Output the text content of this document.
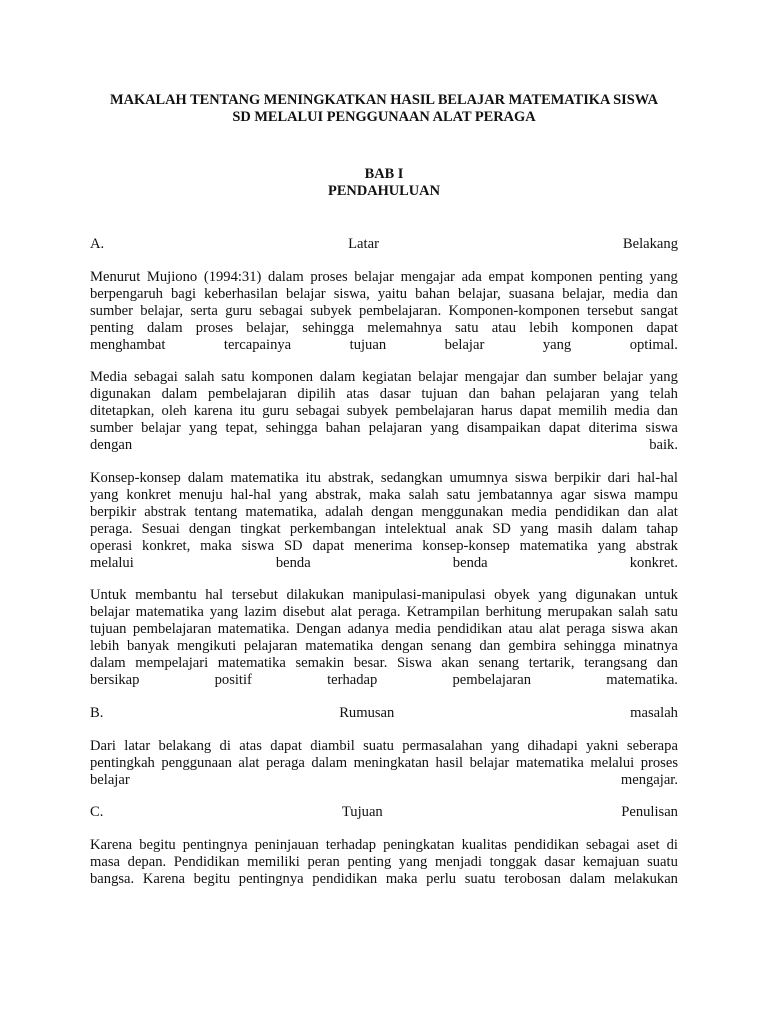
MAKALAH TENTANG MENINGKATKAN HASIL BELAJAR MATEMATIKA SISWA
SD MELALUI PENGGUNAAN ALAT PERAGA
BAB I
PENDAHULUAN
A.	Latar	Belakang
Menurut Mujiono (1994:31) dalam proses belajar mengajar ada empat komponen penting yang
berpengaruh bagi keberhasilan belajar siswa, yaitu bahan belajar, suasana belajar, media dan
sumber belajar, serta guru sebagai subyek pembelajaran. Komponen-komponen tersebut sangat
penting dalam proses belajar, sehingga melemahnya satu atau lebih komponen dapat
menghambat	tercapainya	tujuan	belajar	yang	optimal.
Media sebagai salah satu komponen dalam kegiatan belajar mengajar dan sumber belajar yang
digunakan dalam pembelajaran dipilih atas dasar tujuan dan bahan pelajaran yang telah
ditetapkan, oleh karena itu guru sebagai subyek pembelajaran harus dapat memilih media dan
sumber belajar yang tepat, sehingga bahan pelajaran yang disampaikan dapat diterima siswa
dengan	baik.
Konsep-konsep dalam matematika itu abstrak, sedangkan umumnya siswa berpikir dari hal-hal
yang konkret menuju hal-hal yang abstrak, maka salah satu jembatannya agar siswa mampu
berpikir abstrak tentang matematika, adalah dengan menggunakan media pendidikan dan alat
peraga. Sesuai dengan tingkat perkembangan intelektual anak SD yang masih dalam tahap
operasi konkret, maka siswa SD dapat menerima konsep-konsep matematika yang abstrak
melalui	benda	benda	konkret.
Untuk membantu hal tersebut dilakukan manipulasi-manipulasi obyek yang digunakan untuk
belajar matematika yang lazim disebut alat peraga. Ketrampilan berhitung merupakan salah satu
tujuan pembelajaran matematika. Dengan adanya media pendidikan atau alat peraga siswa akan
lebih banyak mengikuti pelajaran matematika dengan senang dan gembira sehingga minatnya
dalam mempelajari matematika semakin besar. Siswa akan senang tertarik, terangsang dan
bersikap	positif	terhadap	pembelajaran	matematika.
B.	Rumusan	masalah
Dari latar belakang di atas dapat diambil suatu permasalahan yang dihadapi yakni seberapa
pentingkah penggunaan alat peraga dalam meningkatan hasil belajar matematika melalui proses
belajar	mengajar.
C.	Tujuan	Penulisan
Karena begitu pentingnya peninjauan terhadap peningkatan kualitas pendidikan sebagai aset di
masa depan. Pendidikan memiliki peran penting yang menjadi tonggak dasar kemajuan suatu
bangsa. Karena begitu pentingnya pendidikan maka perlu suatu terobosan dalam melakukan
